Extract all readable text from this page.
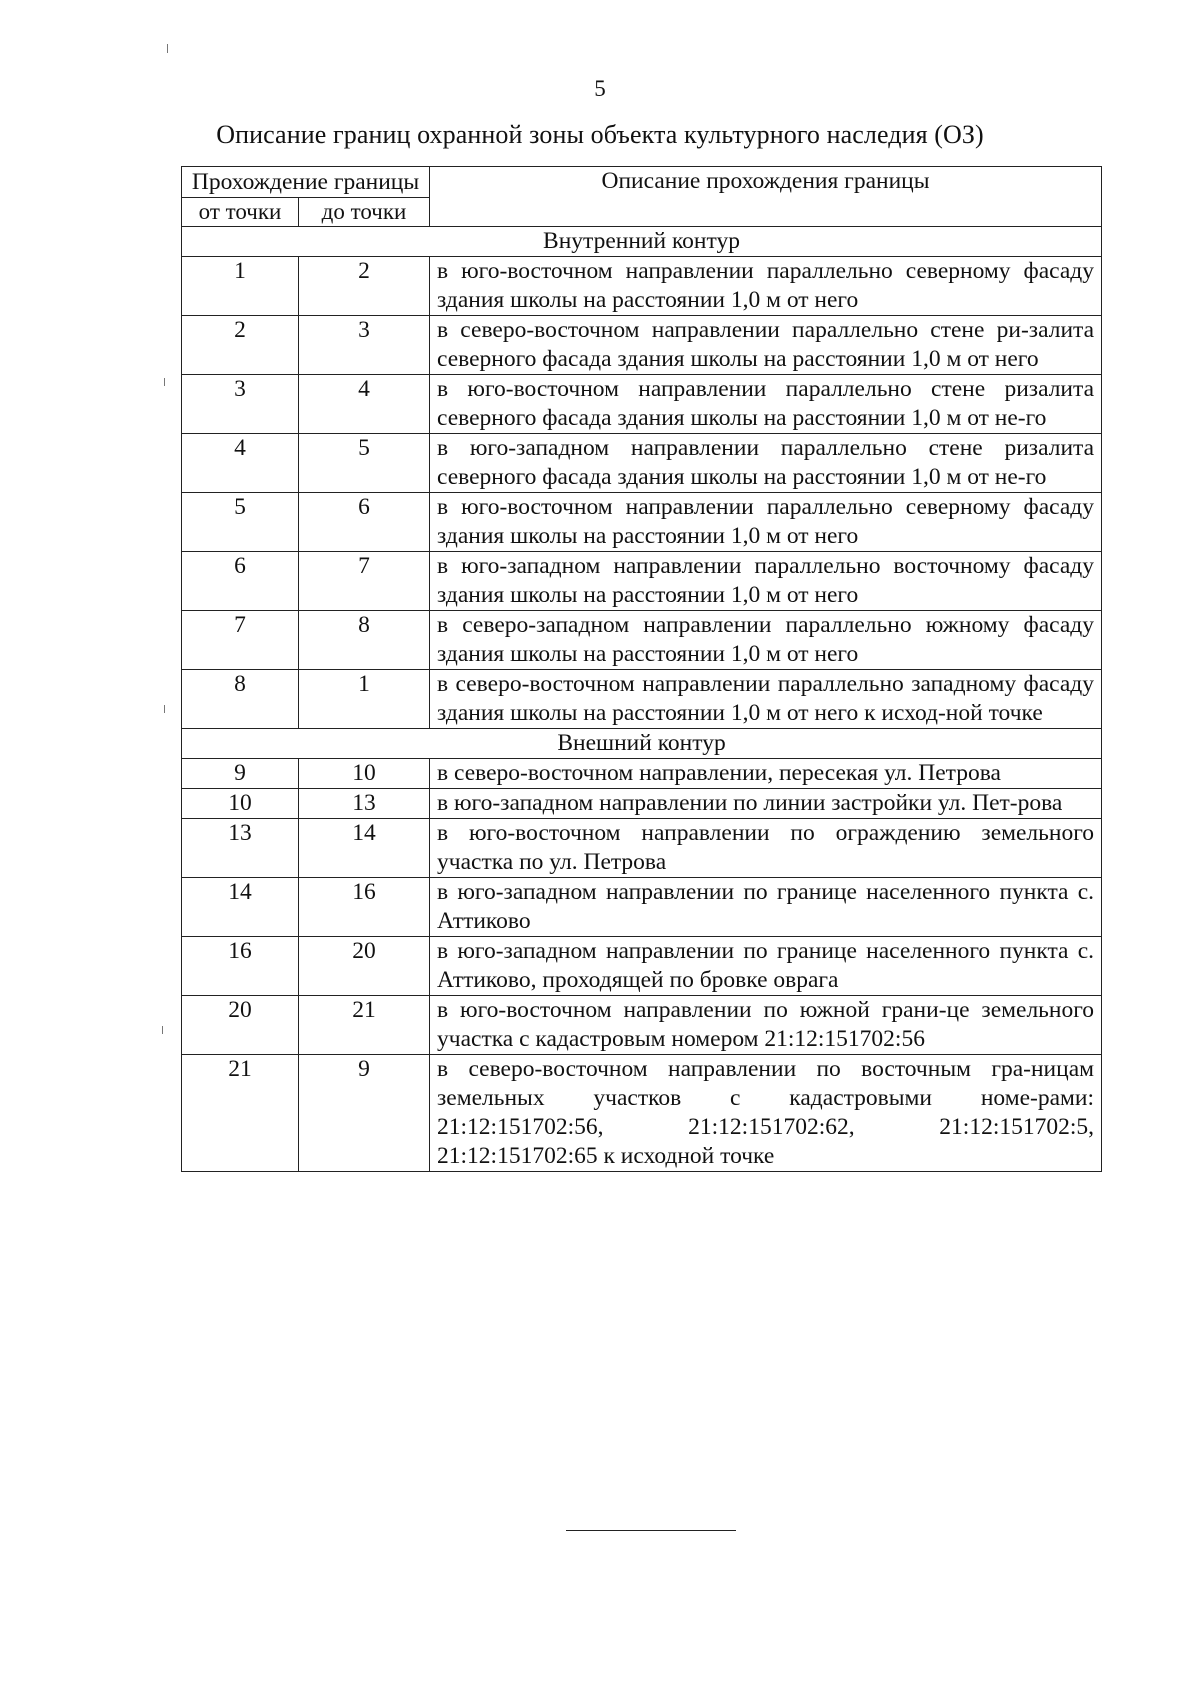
5
Описание границ охранной зоны объекта культурного наследия (ОЗ)
Прохождение границы		Описание прохождения границы
от точки	до точки	
Внутренний контур		
1	2	в юго-восточном направлении параллельно северному фасаду здания школы на расстоянии 1,0 м от него
2	3	в северо-восточном направлении параллельно стене ри-залита северного фасада здания школы на расстоянии 1,0 м от него
3	4	в юго-восточном направлении параллельно стене ризалита северного фасада здания школы на расстоянии 1,0 м от не-го
4	5	в юго-западном направлении параллельно стене ризалита северного фасада здания школы на расстоянии 1,0 м от не-го
5	6	в юго-восточном направлении параллельно северному фасаду здания школы на расстоянии 1,0 м от него
6	7	в юго-западном направлении параллельно восточному фасаду здания школы на расстоянии 1,0 м от него
7	8	в северо-западном направлении параллельно южному фасаду здания школы на расстоянии 1,0 м от него
8	1	в северо-восточном направлении параллельно западному фасаду здания школы на расстоянии 1,0 м от него к исход-ной точке
Внешний контур		
9	10	в северо-восточном направлении, пересекая ул. Петрова
10	13	в юго-западном направлении по линии застройки ул. Пет-рова
13	14	в юго-восточном направлении по ограждению земельного участка по ул. Петрова
14	16	в юго-западном направлении по границе населенного пункта с. Аттиково
16	20	в юго-западном направлении по границе населенного пункта с. Аттиково, проходящей по бровке оврага
20	21	в юго-восточном направлении по южной грани-це земельного участка с кадастровым номером 21:12:151702:56
21	9	в северо-восточном направлении по восточным гра-ницам земельных участков с кадастровыми номе-рами: 21:12:151702:56, 21:12:151702:62, 21:12:151702:5, 21:12:151702:65 к исходной точке
